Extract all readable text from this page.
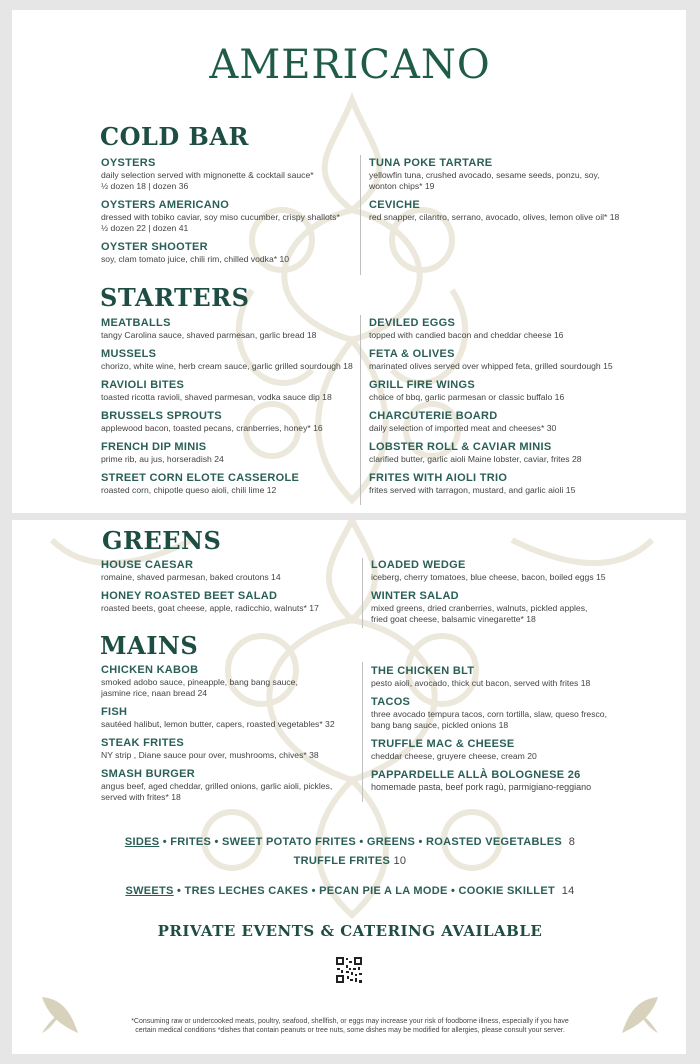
AMERICANO
COLD BAR
OYSTERS
daily selection served with mignonette & cocktail sauce*
½ dozen 18 | dozen 36
OYSTERS AMERICANO
dressed with tobiko caviar, soy miso cucumber, crispy shallots*
½ dozen 22 | dozen 41
OYSTER SHOOTER
soy, clam tomato juice, chili rim, chilled vodka* 10
TUNA POKE TARTARE
yellowfin tuna, crushed avocado, sesame seeds, ponzu, soy,
wonton chips* 19
CEVICHE
red snapper, cilantro, serrano, avocado, olives, lemon olive oil* 18
STARTERS
MEATBALLS
tangy Carolina sauce, shaved parmesan, garlic bread 18
MUSSELS
chorizo, white wine, herb cream sauce, garlic grilled sourdough 18
RAVIOLI BITES
toasted ricotta ravioli, shaved parmesan, vodka sauce dip 18
BRUSSELS SPROUTS
applewood bacon, toasted pecans, cranberries, honey* 16
FRENCH DIP MINIS
prime rib, au jus, horseradish 24
STREET CORN ELOTE CASSEROLE
roasted corn, chipotle queso aioli, chili lime 12
DEVILED EGGS
topped with candied bacon and cheddar cheese 16
FETA & OLIVES
marinated olives served over whipped feta, grilled sourdough 15
GRILL FIRE WINGS
choice of bbq, garlic parmesan or classic buffalo 16
CHARCUTERIE BOARD
daily selection of imported meat and cheeses* 30
LOBSTER ROLL & CAVIAR MINIS
clarified butter, garlic aioli Maine lobster, caviar, frites 28
FRITES WITH AIOLI TRIO
frites served with tarragon, mustard, and garlic aioli 15
GREENS
HOUSE CAESAR
romaine, shaved parmesan, baked croutons 14
HONEY ROASTED BEET SALAD
roasted beets, goat cheese, apple, radicchio, walnuts* 17
LOADED WEDGE
iceberg, cherry tomatoes, blue cheese, bacon, boiled eggs 15
WINTER SALAD
mixed greens, dried cranberries, walnuts, pickled apples,
fried goat cheese, balsamic vinegarette* 18
MAINS
CHICKEN KABOB
smoked adobo sauce, pineapple, bang bang sauce,
jasmine rice, naan bread 24
FISH
sautéed halibut, lemon butter, capers, roasted vegetables* 32
STEAK FRITES
NY strip , Diane sauce pour over, mushrooms, chives* 38
SMASH BURGER
angus beef, aged cheddar, grilled onions, garlic aioli, pickles,
served with frites* 18
THE CHICKEN BLT
pesto aioli, avocado, thick cut bacon, served with frites 18
TACOS
three avocado tempura tacos, corn tortilla, slaw, queso fresco,
bang bang sauce, pickled onions 18
TRUFFLE MAC & CHEESE
cheddar cheese, gruyere cheese, cream 20
PAPPARDELLE ALLÀ BOLOGNESE 26
homemade pasta, beef pork ragù, parmigiano-reggiano
SIDES • FRITES • SWEET POTATO FRITES • GREENS • ROASTED VEGETABLES 8
TRUFFLE FRITES 10
SWEETS • TRES LECHES CAKES • PECAN PIE A LA MODE • COOKIE SKILLET 14
PRIVATE EVENTS & CATERING AVAILABLE
*Consuming raw or undercooked meats, poultry, seafood, shellfish, or eggs may increase your risk of foodborne illness, especially if you have
certain medical conditions *dishes that contain peanuts or tree nuts, some dishes may be modified for allergies, please consult your server.
